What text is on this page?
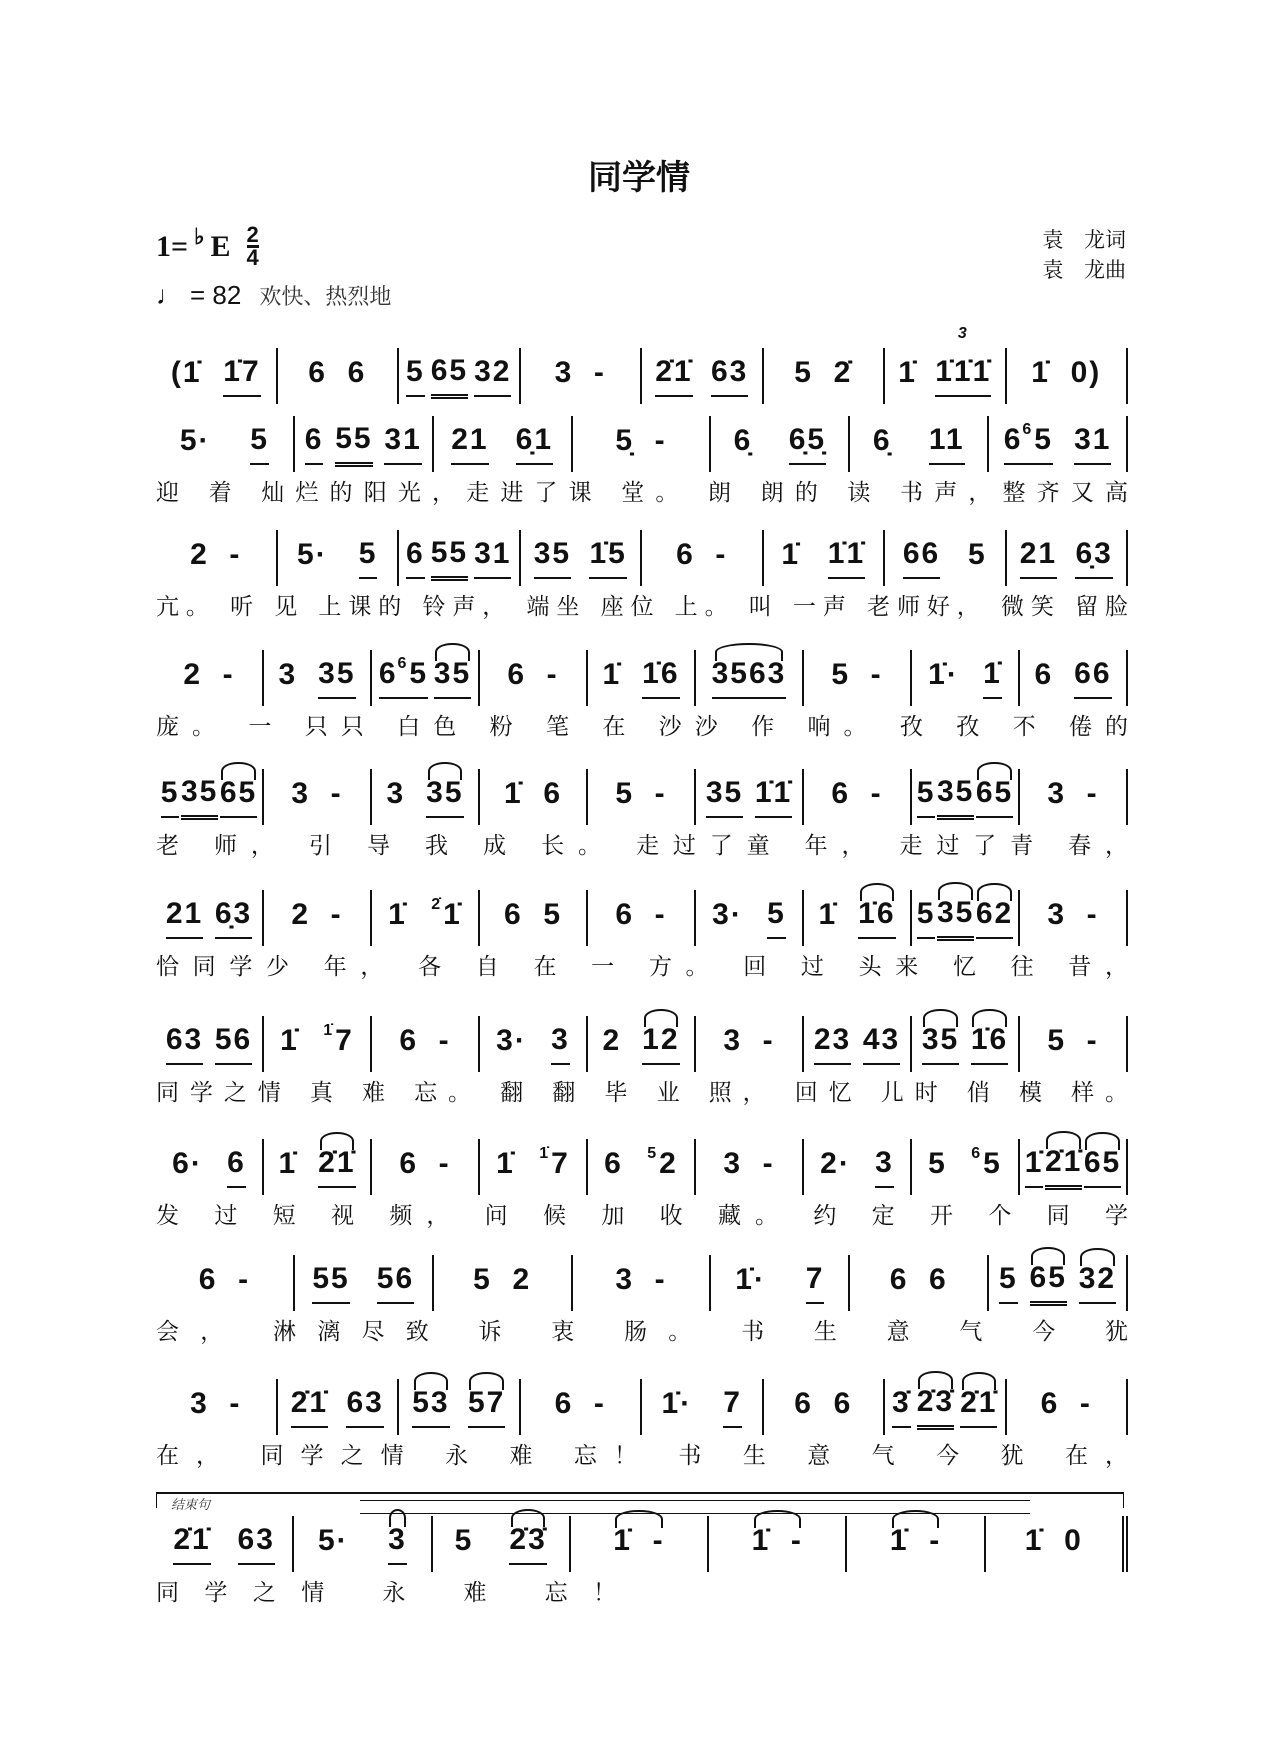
同学情
1= ♭ E $\frac{2}{4}$
♩ = 82 欢快、热烈地
袁 龙词
袁 龙曲
结束句
(1̇ 1̇7 6  6 5 65 32 3  - 2̇1̇ 63 5  2̇ 1̇ 1̇1̇1̇
3
1̇  0)
5· 5 6 55 31 21 6̣1 5̣  - 6̣ 6̣5̣ 6̣ 11 6 6 5 31
迎 着 灿烂的阳光，走进了课 堂。 朗 朗的 读 书声，整齐又高
2  - 5· 5 6 55 31 35 1̇5 6  - 1̇ 1̇1̇ 66 5 21 6̣3
亢。 听 见 上课的 铃声， 端坐 座位 上。 叫 一声 老师好， 微笑 留脸
2  - 3 35 6 6 5 35 6  - 1̇ 1̇6 3563 5  - 1̇· 1̇ 6 66
庞。 一 只只 白色 粉 笔 在 沙沙 作 响。 孜 孜 不 倦的
5 35 65 3  - 3 35 1̇  6 5  - 35 1̇1̇ 6  - 5 35 65 3  -
老 师， 引 导 我 成 长。 走过了童 年， 走过了青 春，
21 6̣3 2  - 1̇ 2̇ 1̇ 6  5 6  - 3· 5 1̇ 1̇6 5 35 62 3  -
恰同学少 年， 各 自 在 一 方。 回 过 头来 忆 往 昔，
63 56 1̇ 1̇ 7 6  - 3· 3 2 12 3  - 23 43 35 1̇6 5  -
同学之情 真 难 忘。 翻 翻 毕 业 照， 回忆 儿时 俏 模 样。
6· 6 1̇ 2̇1̇ 6  - 1̇ 1̇ 7 6 5 2 3  - 2· 3 5 6 5 1̇ 2̇1̇ 65
发 过 短 视 频， 问 候 加 收 藏。 约 定 开 个 同 学
6  - 55 56 5  2	3  - 1̇· 7 6  6 5 65 32
会， 淋漓尽致 诉 衷 肠。 书 生 意 气 今 犹
3  - 2̇1̇ 63 53 57 6  - 1̇· 7 6  6 3̇ 2̇3̇ 2̇1̇ 6  -
在， 同学之情 永 难 忘！ 书 生 意 气 今 犹 在，
2̇1̇ 63 5· 3 5 2̇3̇ 1̇  -	1̇  -	1̇  -	1̇  0
同学之情 永 难 忘！
